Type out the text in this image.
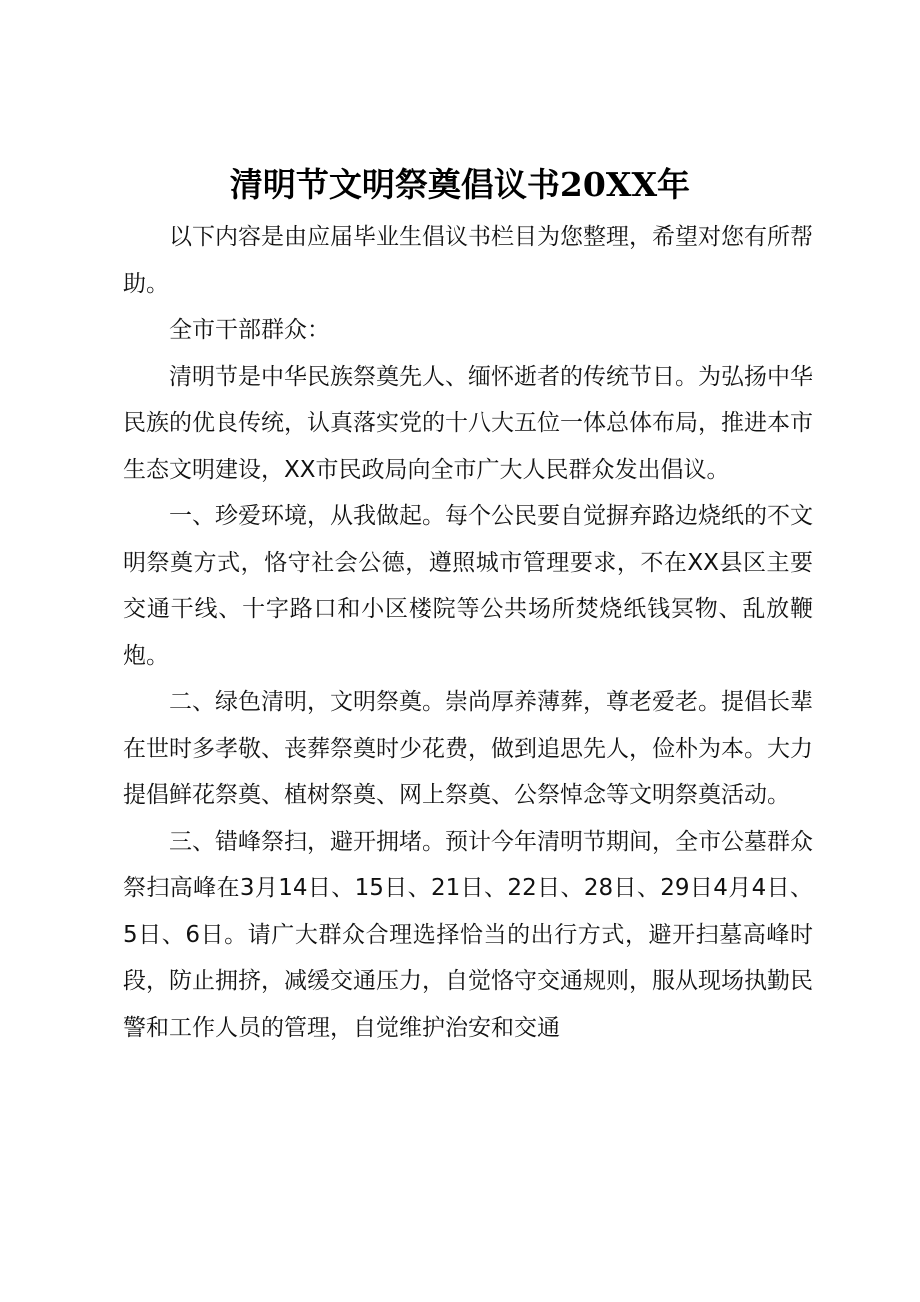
清明节文明祭奠倡议书20XX年

以下内容是由应届毕业生倡议书栏目为您整理，希望对您有所帮助。

全市干部群众：

清明节是中华民族祭奠先人、缅怀逝者的传统节日。为弘扬中华民族的优良传统，认真落实党的十八大五位一体总体布局，推进本市生态文明建设，XX市民政局向全市广大人民群众发出倡议。

一、珍爱环境，从我做起。每个公民要自觉摒弃路边烧纸的不文明祭奠方式，恪守社会公德，遵照城市管理要求，不在XX县区主要交通干线、十字路口和小区楼院等公共场所焚烧纸钱冥物、乱放鞭炮。

二、绿色清明，文明祭奠。崇尚厚养薄葬，尊老爱老。提倡长辈在世时多孝敬、丧葬祭奠时少花费，做到追思先人，俭朴为本。大力提倡鲜花祭奠、植树祭奠、网上祭奠、公祭悼念等文明祭奠活动。

三、错峰祭扫，避开拥堵。预计今年清明节期间，全市公墓群众祭扫高峰在3月14日、15日、21日、22日、28日、29日4月4日、5日、6日。请广大群众合理选择恰当的出行方式，避开扫墓高峰时段，防止拥挤，减缓交通压力，自觉恪守交通规则，服从现场执勤民警和工作人员的管理，自觉维护治安和交通
